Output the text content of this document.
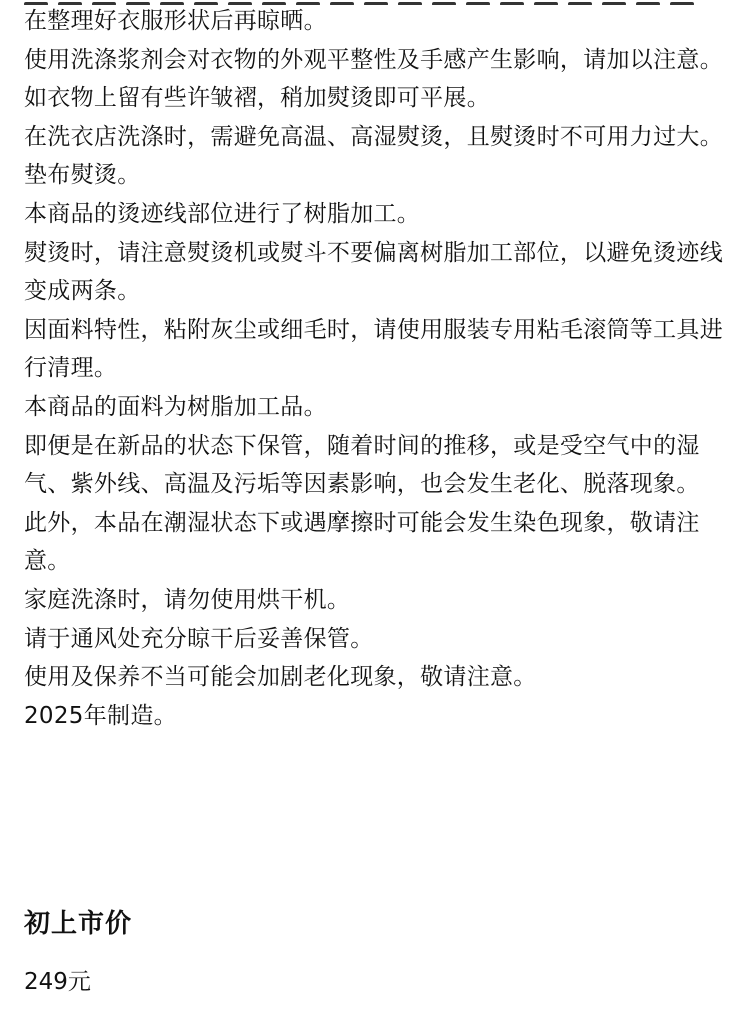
在整理好衣服形状后再晾晒。
使用洗涤浆剂会对衣物的外观平整性及手感产生影响，请加以注意。
如衣物上留有些许皱褶，稍加熨烫即可平展。
在洗衣店洗涤时，需避免高温、高湿熨烫，且熨烫时不可用力过大。
垫布熨烫。
本商品的烫迹线部位进行了树脂加工。
熨烫时，请注意熨烫机或熨斗不要偏离树脂加工部位，以避免烫迹线变成两条。
因面料特性，粘附灰尘或细毛时，请使用服装专用粘毛滚筒等工具进行清理。
本商品的面料为树脂加工品。
即便是在新品的状态下保管，随着时间的推移，或是受空气中的湿气、紫外线、高温及污垢等因素影响，也会发生老化、脱落现象。
此外，本品在潮湿状态下或遇摩擦时可能会发生染色现象，敬请注意。
家庭洗涤时，请勿使用烘干机。
请于通风处充分晾干后妥善保管。
使用及保养不当可能会加剧老化现象，敬请注意。
2025年制造。
初上市价

249元
